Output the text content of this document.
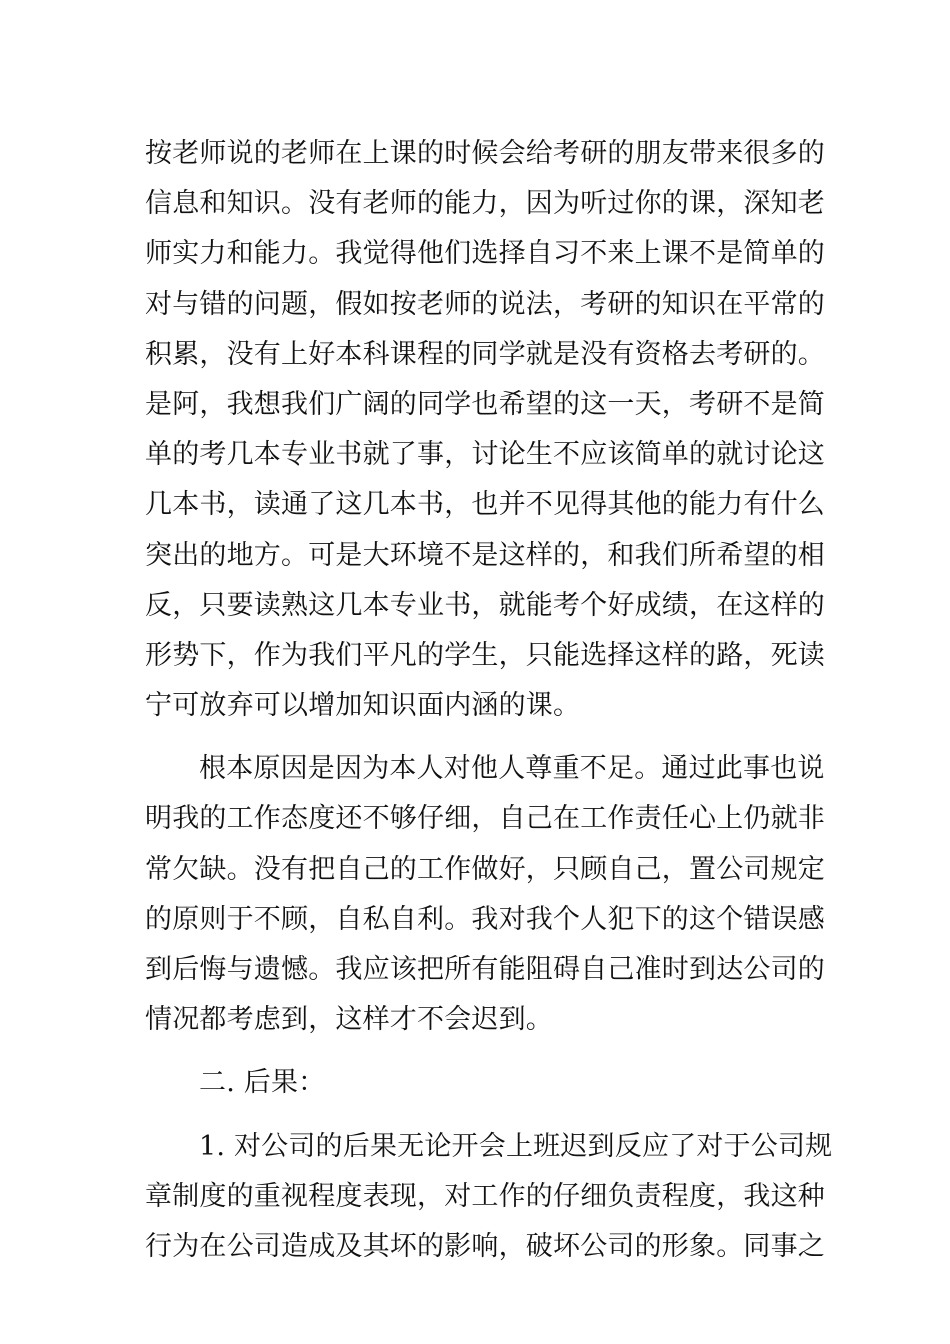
按老师说的老师在上课的时候会给考研的朋友带来很多的
信息和知识。没有老师的能力，因为听过你的课，深知老
师实力和能力。我觉得他们选择自习不来上课不是简单的
对与错的问题，假如按老师的说法，考研的知识在平常的
积累，没有上好本科课程的同学就是没有资格去考研的。
是阿，我想我们广阔的同学也希望的这一天，考研不是简
单的考几本专业书就了事，讨论生不应该简单的就讨论这
几本书，读通了这几本书，也并不见得其他的能力有什么
突出的地方。可是大环境不是这样的，和我们所希望的相
反，只要读熟这几本专业书，就能考个好成绩，在这样的
形势下，作为我们平凡的学生，只能选择这样的路，死读
宁可放弃可以增加知识面内涵的课。
根本原因是因为本人对他人尊重不足。通过此事也说
明我的工作态度还不够仔细，自己在工作责任心上仍就非
常欠缺。没有把自己的工作做好，只顾自己，置公司规定
的原则于不顾，自私自利。我对我个人犯下的这个错误感
到后悔与遗憾。我应该把所有能阻碍自己准时到达公司的
情况都考虑到，这样才不会迟到。
二. 后果：
1. 对公司的后果无论开会上班迟到反应了对于公司规
章制度的重视程度表现，对工作的仔细负责程度，我这种
行为在公司造成及其坏的影响，破坏公司的形象。同事之
